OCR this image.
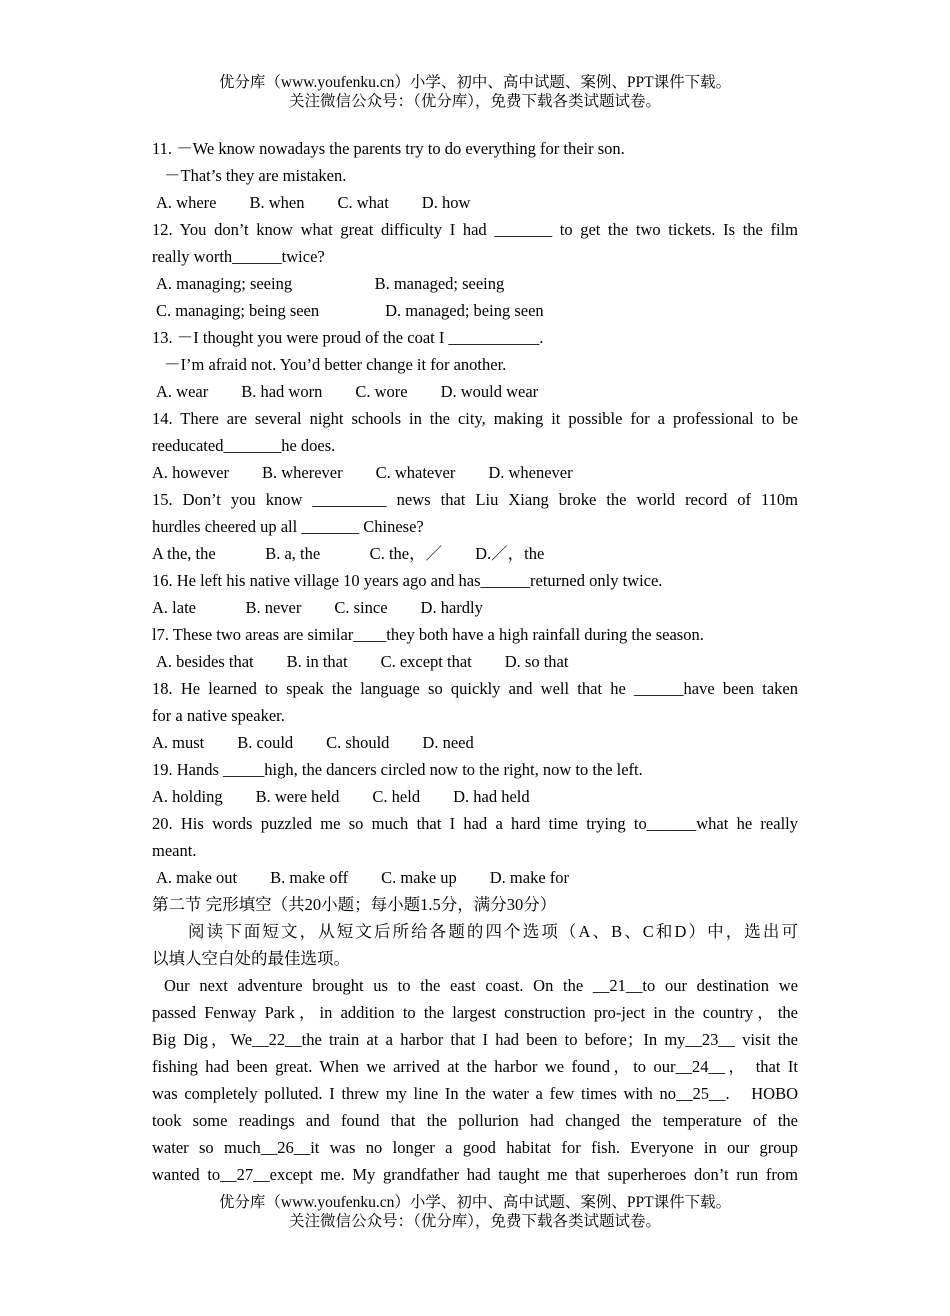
优分库（www.youfenku.cn）小学、初中、高中试题、案例、PPT课件下载。
关注微信公众号：（优分库），免费下载各类试题试卷。
11. －We know nowadays the parents try to do everything for their son.
－That’s they are mistaken.
A. where　　B. when　　C. what　　D. how
12. You don’t know what great difficulty I had _______ to get the two tickets. Is the film
really worth______twice?
A. managing; seeing　　　　　B. managed; seeing
C. managing; being seen　　　　D. managed; being seen
13. －I thought you were proud of the coat I ___________.
－I’m afraid not. You’d better change it for another.
A. wear　　B. had worn　　C. wore　　D. would wear
14. There are several night schools in the city, making it possible for a professional to be
reeducated_______he does.
A. however　　B. wherever　　C. whatever　　D. whenever
15. Don’t you know _________ news that Liu Xiang broke the world record of 110m
hurdles cheered up all _______ Chinese?
A the, the　　　B. a, the　　　C. the，／　　D.／，the
16. He left his native village 10 years ago and has______returned only twice.
A. late　　　B. never　　C. since　　D. hardly
l7. These two areas are similar____they both have a high rainfall during the season.
A. besides that　　B. in that　　C. except that　　D. so that
18. He learned to speak the language so quickly and well that he ______have been taken
for a native speaker.
A. must　　B. could　　C. should　　D. need
19. Hands _____high, the dancers circled now to the right, now to the left.
A. holding　　B. were held　　C. held　　D. had held
20. His words puzzled me so much that I had a hard time trying to______what he really
meant.
A. make out　　B. make off　　C. make up　　D. make for
第二节 完形填空（共20小题；每小题1.5分，满分30分）
阅读下面短文，从短文后所给各题的四个选项（A、B、C和D）中，选出可
以填人空白处的最佳选项。
Our next adventure brought us to the east coast. On the __21__to our destination we
passed Fenway Park，in addition to the largest construction pro-ject in the country，the
Big Dig，We__22__the train at a harbor that I had been to before；In my__23__ visit the
fishing had been great. When we arrived at the harbor we found，to our__24__， that It
was completely polluted. I threw my line In the water a few times with no__25__.　HOBO
took some readings and found that the pollurion had changed the temperature of the
water so much__26__it was no longer a good habitat for fish. Everyone in our group
wanted to__27__except me. My grandfather had taught me that superheroes don’t run from
优分库（www.youfenku.cn）小学、初中、高中试题、案例、PPT课件下载。
关注微信公众号：（优分库），免费下载各类试题试卷。
